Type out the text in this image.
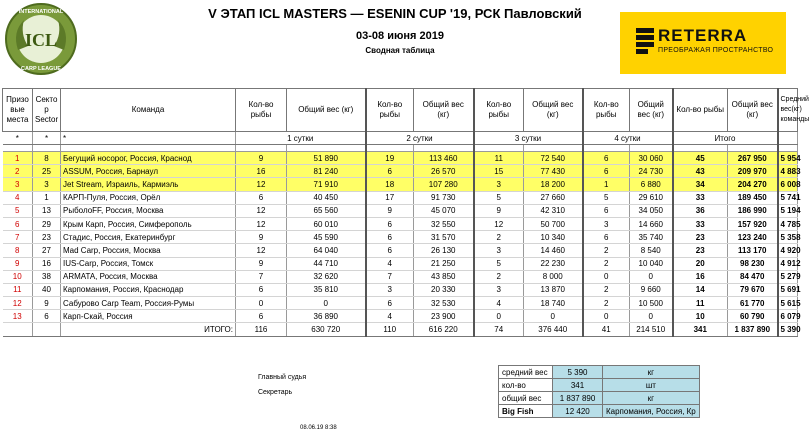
ICL
INTERNATIONAL
CARP LEAGUE
V ЭТАП ICL MASTERS — ESENIN CUP '19, РСК Павловский
03-08 июня 2019
Сводная таблица
RETERRA
ПРЕОБРАЖАЯ ПРОСТРАНСТВО
Призо вые места	Секто р Sector	Команда	Кол-во рыбы	Общий вес (кг)	Кол-во рыбы	Общий вес (кг)	Кол-во рыбы	Общий вес (кг)	Кол-во рыбы	Общий вес (кг)	Кол-во рыбы	Общий вес (кг)	Средний вес(кг) команды
*	*	*	1 сутки		2 сутки		3 сутки		4 сутки		Итого		

1	8	Бегущий носорог, Россия, Краснод	9	51 890	19	113 460	11	72 540	6	30 060	45	267 950	5 954
2	25	ASSUM, Россия, Барнаул	16	81 240	6	26 570	15	77 430	6	24 730	43	209 970	4 883
3	3	Jet Stream, Израиль, Кармиэль	12	71 910	18	107 280	3	18 200	1	6 880	34	204 270	6 008
4	1	КАРП-Пуля, Россия, Орёл	6	40 450	17	91 730	5	27 660	5	29 610	33	189 450	5 741
5	13	РыболоFF, Россия, Москва	12	65 560	9	45 070	9	42 310	6	34 050	36	186 990	5 194
6	29	Крым Карп, Россия, Симферополь	12	60 010	6	32 550	12	50 700	3	14 660	33	157 920	4 785
7	23	Стадис, Россия, Екатеринбург	9	45 590	6	31 570	2	10 340	6	35 740	23	123 240	5 358
8	27	Mad Carp, Россия, Москва	12	64 040	6	26 130	3	14 460	2	8 540	23	113 170	4 920
9	16	IUS-Carp, Россия, Томск	9	44 710	4	21 250	5	22 230	2	10 040	20	98 230	4 912
10	38	ARMATA, Россия, Москва	7	32 620	7	43 850	2	8 000	0	0	16	84 470	5 279
11	40	Карпомания, Россия, Краснодар	6	35 810	3	20 330	3	13 870	2	9 660	14	79 670	5 691
12	9	Сабурово Carp Team, Россия-Румы	0	0	6	32 530	4	18 740	2	10 500	11	61 770	5 615
13	6	Карп-Скай, Россия	6	36 890	4	23 900	0	0	0	0	10	60 790	6 079
		ИТОГО:	116	630 720	110	616 220	74	376 440	41	214 510	341	1 837 890	5 390
Главный судья
Секретарь
средний вес	5 390	кг
кол-во	341	шт
общий вес	1 837 890	кг
Big Fish	12 420	Карпомания, Россия, Кр
08.06.19 8:38
